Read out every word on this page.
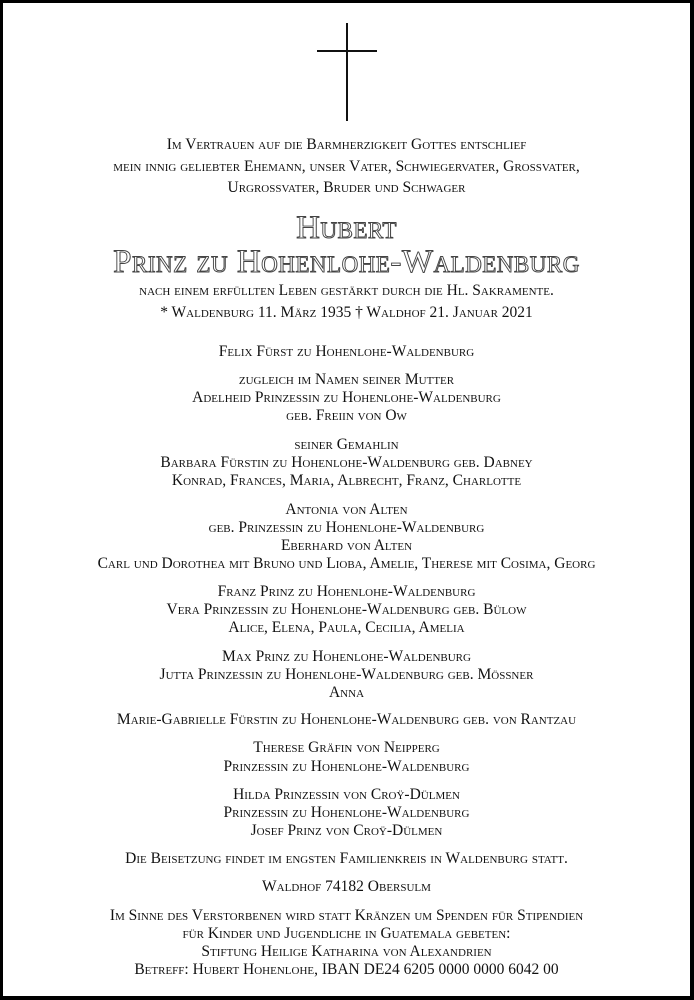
Im Vertrauen auf die Barmherzigkeit Gottes entschlief
mein innig geliebter Ehemann, unser Vater, Schwiegervater, Grossvater,
Urgrossvater, Bruder und Schwager
Hubert
Prinz zu Hohenlohe-Waldenburg
nach einem erfüllten Leben gestärkt durch die Hl. Sakramente.
* Waldenburg 11. März 1935 † Waldhof 21. Januar 2021
Felix Fürst zu Hohenlohe-Waldenburg
zugleich im Namen seiner Mutter
Adelheid Prinzessin zu Hohenlohe-Waldenburg
geb. Freiin von Ow
seiner Gemahlin
Barbara Fürstin zu Hohenlohe-Waldenburg geb. Dabney
Konrad, Frances, Maria, Albrecht, Franz, Charlotte
Antonia von Alten
geb. Prinzessin zu Hohenlohe-Waldenburg
Eberhard von Alten
Carl und Dorothea mit Bruno und Lioba, Amelie, Therese mit Cosima, Georg
Franz Prinz zu Hohenlohe-Waldenburg
Vera Prinzessin zu Hohenlohe-Waldenburg geb. Bülow
Alice, Elena, Paula, Cecilia, Amelia
Max Prinz zu Hohenlohe-Waldenburg
Jutta Prinzessin zu Hohenlohe-Waldenburg geb. Mössner
Anna
Marie-Gabrielle Fürstin zu Hohenlohe-Waldenburg geb. von Rantzau
Therese Gräfin von Neipperg
Prinzessin zu Hohenlohe-Waldenburg
Hilda Prinzessin von Croÿ-Dülmen
Prinzessin zu Hohenlohe-Waldenburg
Josef Prinz von Croÿ-Dülmen
Die Beisetzung findet im engsten Familienkreis in Waldenburg statt.
Waldhof 74182 Obersulm
Im Sinne des Verstorbenen wird statt Kränzen um Spenden für Stipendien
für Kinder und Jugendliche in Guatemala gebeten:
Stiftung Heilige Katharina von Alexandrien
Betreff: Hubert Hohenlohe, IBAN DE24 6205 0000 0000 6042 00
